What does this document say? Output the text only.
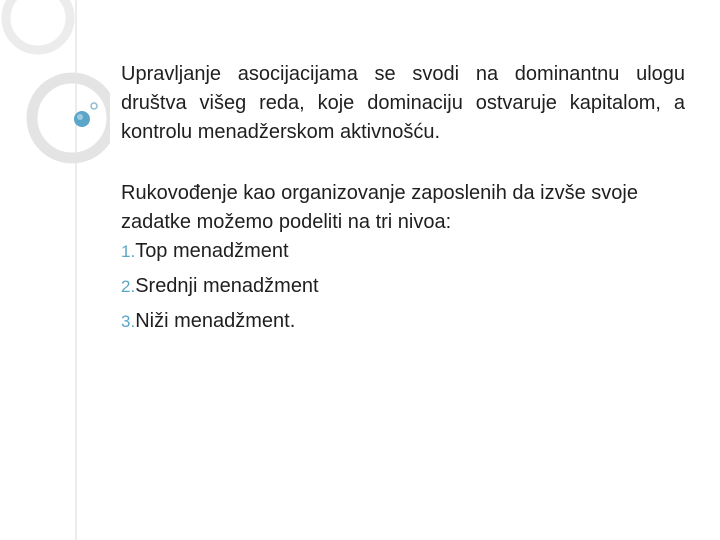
Upravljanje asocijacijama se svodi na dominantnu ulogu društva višeg reda, koje dominaciju ostvaruje kapitalom, a kontrolu menadžerskom aktivnošću.

Rukovođenje kao organizovanje zaposlenih da izvše svoje zadatke možemo podeliti na tri nivoa:

1.Top menadžment
2.Srednji menadžment
3.Niži menadžment.
